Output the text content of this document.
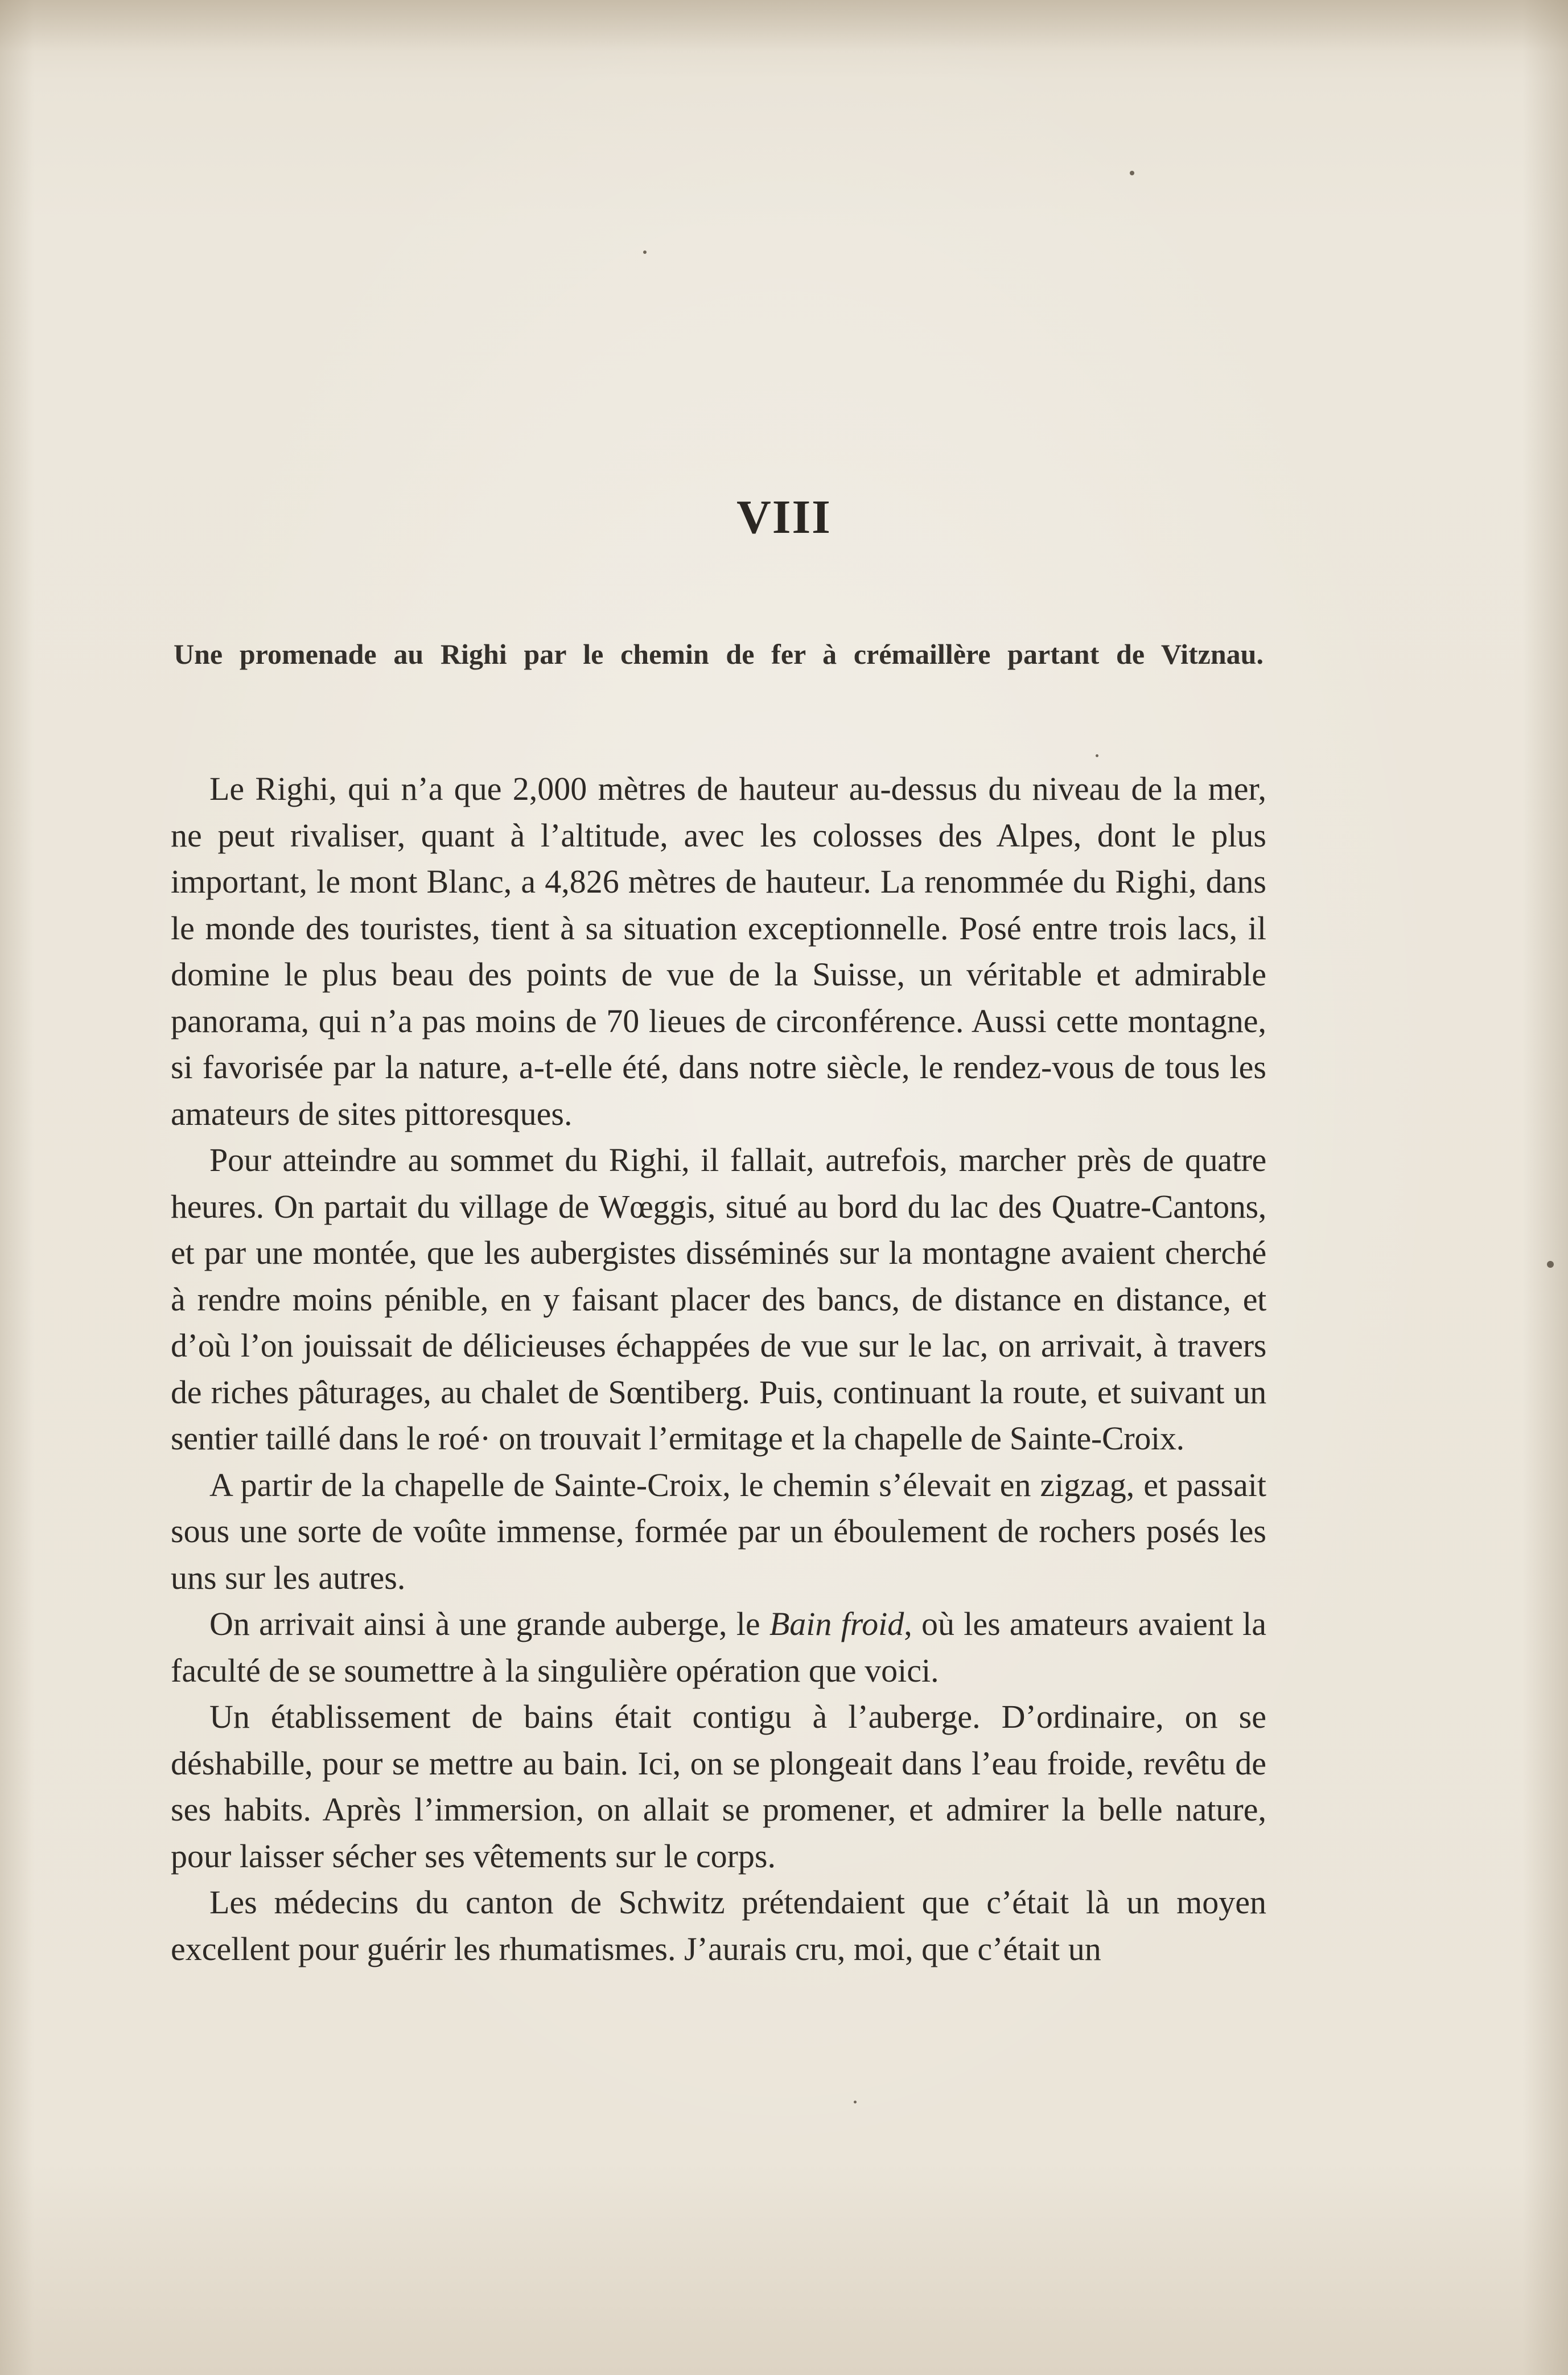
VIII
Une promenade au Righi par le chemin de fer à crémaillère partant de Vitznau.

Le Righi, qui n’a que 2,000 mètres de hauteur au-dessus du niveau de la mer, ne peut rivaliser, quant à l’altitude, avec les colosses des Alpes, dont le plus important, le mont Blanc, a 4,826 mètres de hauteur. La renommée du Righi, dans le monde des touristes, tient à sa situation exceptionnelle. Posé entre trois lacs, il domine le plus beau des points de vue de la Suisse, un véritable et admirable panorama, qui n’a pas moins de 70 lieues de circonférence. Aussi cette montagne, si favorisée par la nature, a-t-elle été, dans notre siècle, le rendez-vous de tous les amateurs de sites pittoresques.

Pour atteindre au sommet du Righi, il fallait, autrefois, marcher près de quatre heures. On partait du village de Wœggis, situé au bord du lac des Quatre-Cantons, et par une montée, que les aubergistes disséminés sur la montagne avaient cherché à rendre moins pénible, en y faisant placer des bancs, de distance en distance, et d’où l’on jouissait de délicieuses échappées de vue sur le lac, on arrivait, à travers de riches pâturages, au chalet de Sœntiberg. Puis, continuant la route, et suivant un sentier taillé dans le roé· on trouvait l’ermitage et la chapelle de Sainte-Croix.

A partir de la chapelle de Sainte-Croix, le chemin s’élevait en zigzag, et passait sous une sorte de voûte immense, formée par un éboulement de rochers posés les uns sur les autres.

On arrivait ainsi à une grande auberge, le Bain froid, où les amateurs avaient la faculté de se soumettre à la singulière opération que voici.

Un établissement de bains était contigu à l’auberge. D’ordinaire, on se déshabille, pour se mettre au bain. Ici, on se plongeait dans l’eau froide, revêtu de ses habits. Après l’immersion, on allait se promener, et admirer la belle nature, pour laisser sécher ses vêtements sur le corps.

Les médecins du canton de Schwitz prétendaient que c’était là un moyen excellent pour guérir les rhumatismes. J’aurais cru, moi, que c’était un
